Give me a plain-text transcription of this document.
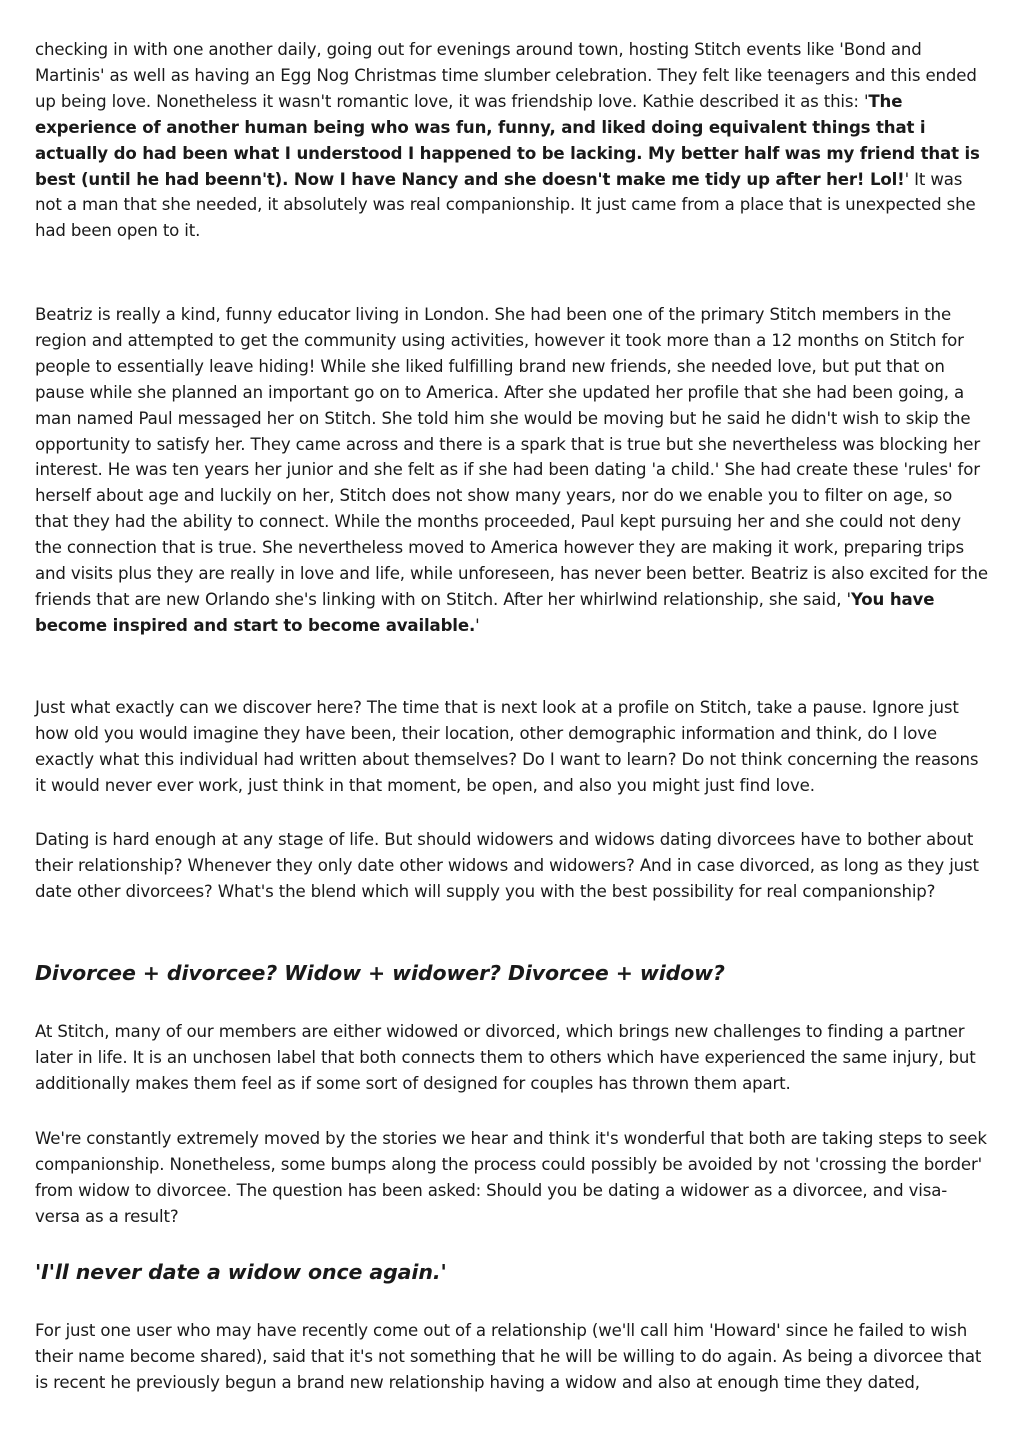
checking in with one another daily, going out for evenings around town, hosting Stitch events like 'Bond and Martinis' as well as having an Egg Nog Christmas time slumber celebration. They felt like teenagers and this ended up being love. Nonetheless it wasn't romantic love, it was friendship love. Kathie described it as this: 'The experience of another human being who was fun, funny, and liked doing equivalent things that i actually do had been what I understood I happened to be lacking. My better half was my friend that is best (until he had beenn't). Now I have Nancy and she doesn't make me tidy up after her! Lol!' It was not a man that she needed, it absolutely was real companionship. It just came from a place that is unexpected she had been open to it.

Beatriz is really a kind, funny educator living in London. She had been one of the primary Stitch members in the region and attempted to get the community using activities, however it took more than a 12 months on Stitch for people to essentially leave hiding! While she liked fulfilling brand new friends, she needed love, but put that on pause while she planned an important go on to America. After she updated her profile that she had been going, a man named Paul messaged her on Stitch. She told him she would be moving but he said he didn't wish to skip the opportunity to satisfy her. They came across and there is a spark that is true but she nevertheless was blocking her interest. He was ten years her junior and she felt as if she had been dating 'a child.' She had create these 'rules' for herself about age and luckily on her, Stitch does not show many years, nor do we enable you to filter on age, so that they had the ability to connect. While the months proceeded, Paul kept pursuing her and she could not deny the connection that is true. She nevertheless moved to America however they are making it work, preparing trips and visits plus they are really in love and life, while unforeseen, has never been better. Beatriz is also excited for the friends that are new Orlando she's linking with on Stitch. After her whirlwind relationship, she said, 'You have become inspired and start to become available.'

Just what exactly can we discover here? The time that is next look at a profile on Stitch, take a pause. Ignore just how old you would imagine they have been, their location, other demographic information and think, do I love exactly what this individual had written about themselves? Do I want to learn? Do not think concerning the reasons it would never ever work, just think in that moment, be open, and also you might just find love.

Dating is hard enough at any stage of life. But should widowers and widows dating divorcees have to bother about their relationship? Whenever they only date other widows and widowers? And in case divorced, as long as they just date other divorcees? What's the blend which will supply you with the best possibility for real companionship?

Divorcee + divorcee? Widow + widower? Divorcee + widow?

At Stitch, many of our members are either widowed or divorced, which brings new challenges to finding a partner later in life. It is an unchosen label that both connects them to others which have experienced the same injury, but additionally makes them feel as if some sort of designed for couples has thrown them apart.

We're constantly extremely moved by the stories we hear and think it's wonderful that both are taking steps to seek companionship. Nonetheless, some bumps along the process could possibly be avoided by not 'crossing the border' from widow to divorcee. The question has been asked: Should you be dating a widower as a divorcee, and visa-versa as a result?

'I'll never date a widow once again.'

For just one user who may have recently come out of a relationship (we'll call him 'Howard' since he failed to wish their name become shared), said that it's not something that he will be willing to do again. As being a divorcee that is recent he previously begun a brand new relationship having a widow and also at enough time they dated,
